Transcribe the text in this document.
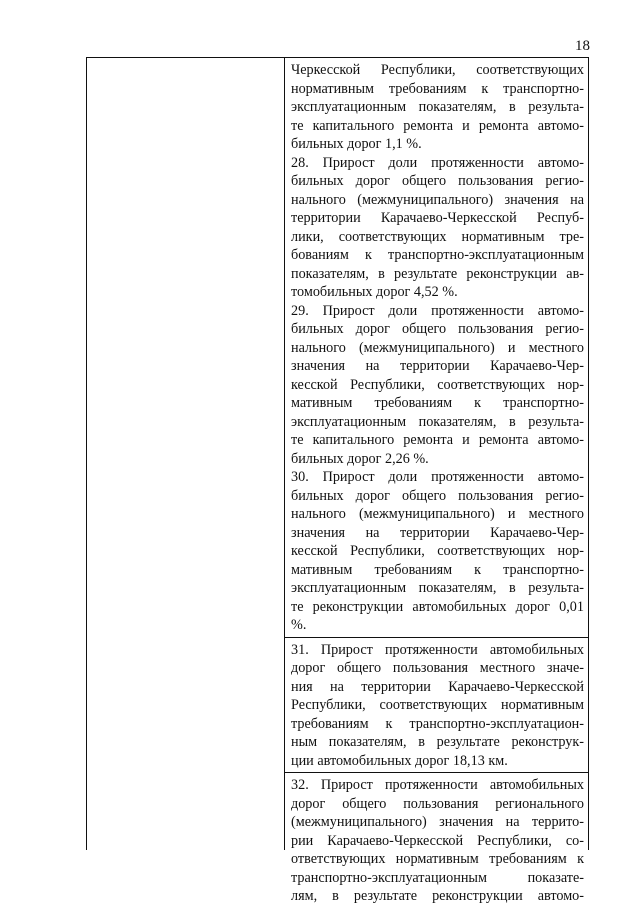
18
Черкесской Республики, соответствующих
нормативным требованиям к транспортно-
эксплуатационным показателям, в результа-
те капитального ремонта и ремонта автомо-
бильных дорог 1,1 %.
28. Прирост доли протяженности автомо-
бильных дорог общего пользования регио-
нального (межмуниципального) значения на
территории Карачаево-Черкесской Респуб-
лики, соответствующих нормативным тре-
бованиям к транспортно-эксплуатационным
показателям, в результате реконструкции ав-
томобильных дорог 4,52 %.
29. Прирост доли протяженности автомо-
бильных дорог общего пользования регио-
нального (межмуниципального) и местного
значения на территории Карачаево-Чер-
кесской Республики, соответствующих нор-
мативным требованиям к транспортно-
эксплуатационным показателям, в результа-
те капитального ремонта и ремонта автомо-
бильных дорог 2,26 %.
30. Прирост доли протяженности автомо-
бильных дорог общего пользования регио-
нального (межмуниципального) и местного
значения на территории Карачаево-Чер-
кесской Республики, соответствующих нор-
мативным требованиям к транспортно-
эксплуатационным показателям, в результа-
те реконструкции автомобильных дорог 0,01
%.
31. Прирост протяженности автомобильных
дорог общего пользования местного значе-
ния на территории Карачаево-Черкесской
Республики, соответствующих нормативным
требованиям к транспортно-эксплуатацион-
ным показателям, в результате реконструк-
ции автомобильных дорог 18,13 км.
32. Прирост протяженности автомобильных
дорог общего пользования регионального
(межмуниципального) значения на террито-
рии Карачаево-Черкесской Республики, со-
ответствующих нормативным требованиям к
транспортно-эксплуатационным показате-
лям, в результате реконструкции автомо-
